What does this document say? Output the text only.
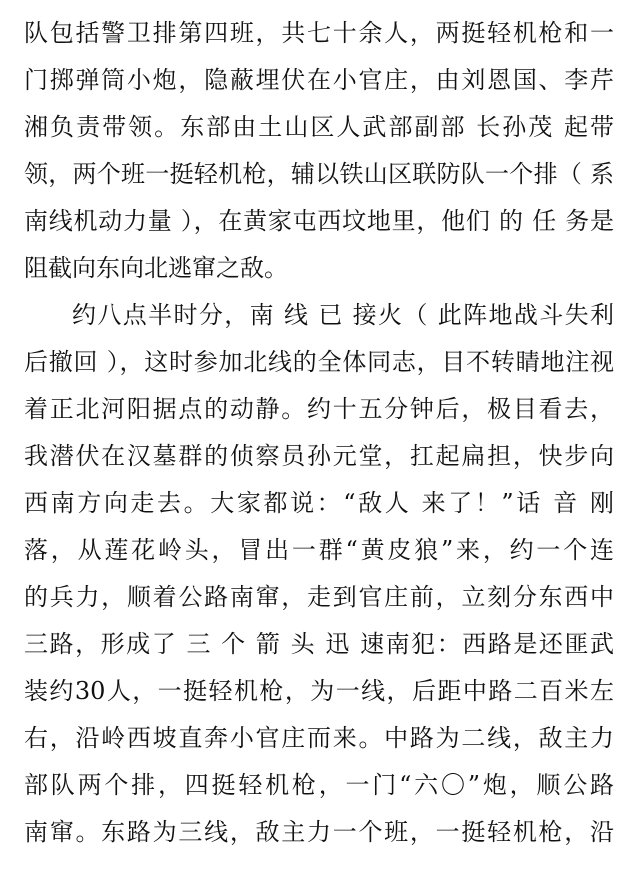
队包括警卫排第四班，共七十余人，两挺轻机枪和一
门掷弹筒小炮，隐蔽埋伏在小官庄，由刘恩国、李芹
湘负责带领。东部由土山区人武部副部 长孙茂 起带
领，两个班一挺轻机枪，辅以铁山区联防队一个排（ 系
南线机动力量 ），在黄家屯西坟地里，他们 的 任 务是
阻截向东向北逃窜之敌。
约八点半时分，南 线 已 接火（ 此阵地战斗失利
后撤回 ），这时参加北线的全体同志，目不转睛地注视
着正北河阳据点的动静。约十五分钟后，极目看去，
我潜伏在汉墓群的侦察员孙元堂，扛起扁担，快步向
西南方向走去。大家都说：“敌人 来了！”话 音 刚
落，从莲花岭头，冒出一群“黄皮狼”来，约一个连
的兵力，顺着公路南窜，走到官庄前，立刻分东西中
三路，形成了 三 个 箭 头 迅 速南犯：西路是还匪武
装约30人，一挺轻机枪，为一线，后距中路二百米左
右，沿岭西坡直奔小官庄而来。中路为二线，敌主力
部队两个排，四挺轻机枪，一门“六〇”炮，顺公路
南窜。东路为三线，敌主力一个班，一挺轻机枪，沿
